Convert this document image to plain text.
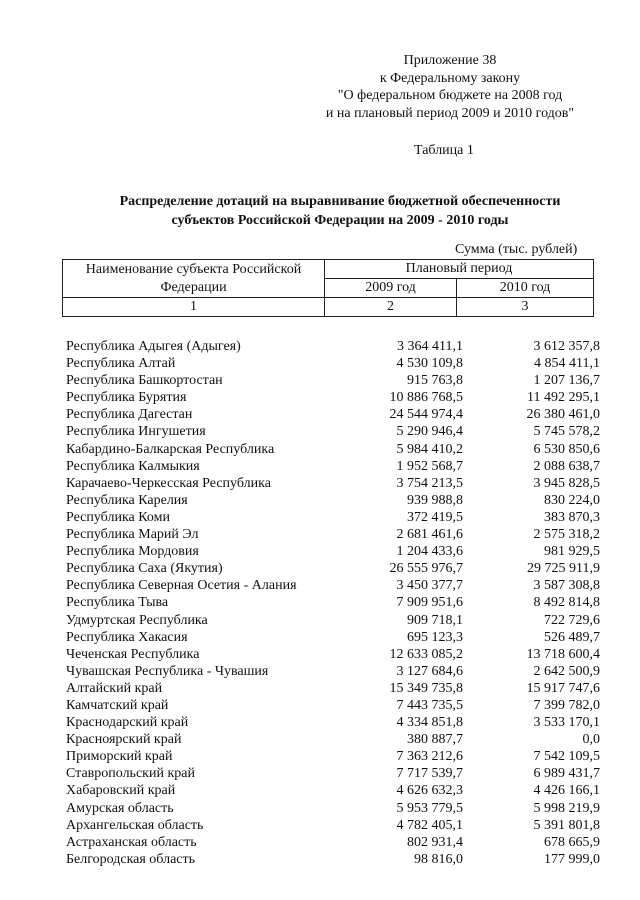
Приложение 38
к Федеральному закону
"О федеральном бюджете на 2008 год
и на плановый период 2009 и 2010 годов"
Таблица 1
Распределение дотаций на выравнивание бюджетной обеспеченности
субъектов Российской Федерации на 2009 - 2010 годы
Сумма (тыс. рублей)
Наименование субъекта Российской Федерации	Плановый период	
	2009 год	2010 год
1	2	3
Республика Адыгея (Адыгея)	3 364 411,1	3 612 357,8
Республика Алтай	4 530 109,8	4 854 411,1
Республика Башкортостан	915 763,8	1 207 136,7
Республика Бурятия	10 886 768,5	11 492 295,1
Республика Дагестан	24 544 974,4	26 380 461,0
Республика Ингушетия	5 290 946,4	5 745 578,2
Кабардино-Балкарская Республика	5 984 410,2	6 530 850,6
Республика Калмыкия	1 952 568,7	2 088 638,7
Карачаево-Черкесская Республика	3 754 213,5	3 945 828,5
Республика Карелия	939 988,8	830 224,0
Республика Коми	372 419,5	383 870,3
Республика Марий Эл	2 681 461,6	2 575 318,2
Республика Мордовия	1 204 433,6	981 929,5
Республика Саха (Якутия)	26 555 976,7	29 725 911,9
Республика Северная Осетия - Алания	3 450 377,7	3 587 308,8
Республика Тыва	7 909 951,6	8 492 814,8
Удмуртская Республика	909 718,1	722 729,6
Республика Хакасия	695 123,3	526 489,7
Чеченская Республика	12 633 085,2	13 718 600,4
Чувашская Республика - Чувашия	3 127 684,6	2 642 500,9
Алтайский край	15 349 735,8	15 917 747,6
Камчатский край	7 443 735,5	7 399 782,0
Краснодарский край	4 334 851,8	3 533 170,1
Красноярский край	380 887,7	0,0
Приморский край	7 363 212,6	7 542 109,5
Ставропольский край	7 717 539,7	6 989 431,7
Хабаровский край	4 626 632,3	4 426 166,1
Амурская область	5 953 779,5	5 998 219,9
Архангельская область	4 782 405,1	5 391 801,8
Астраханская область	802 931,4	678 665,9
Белгородская область	98 816,0	177 999,0
